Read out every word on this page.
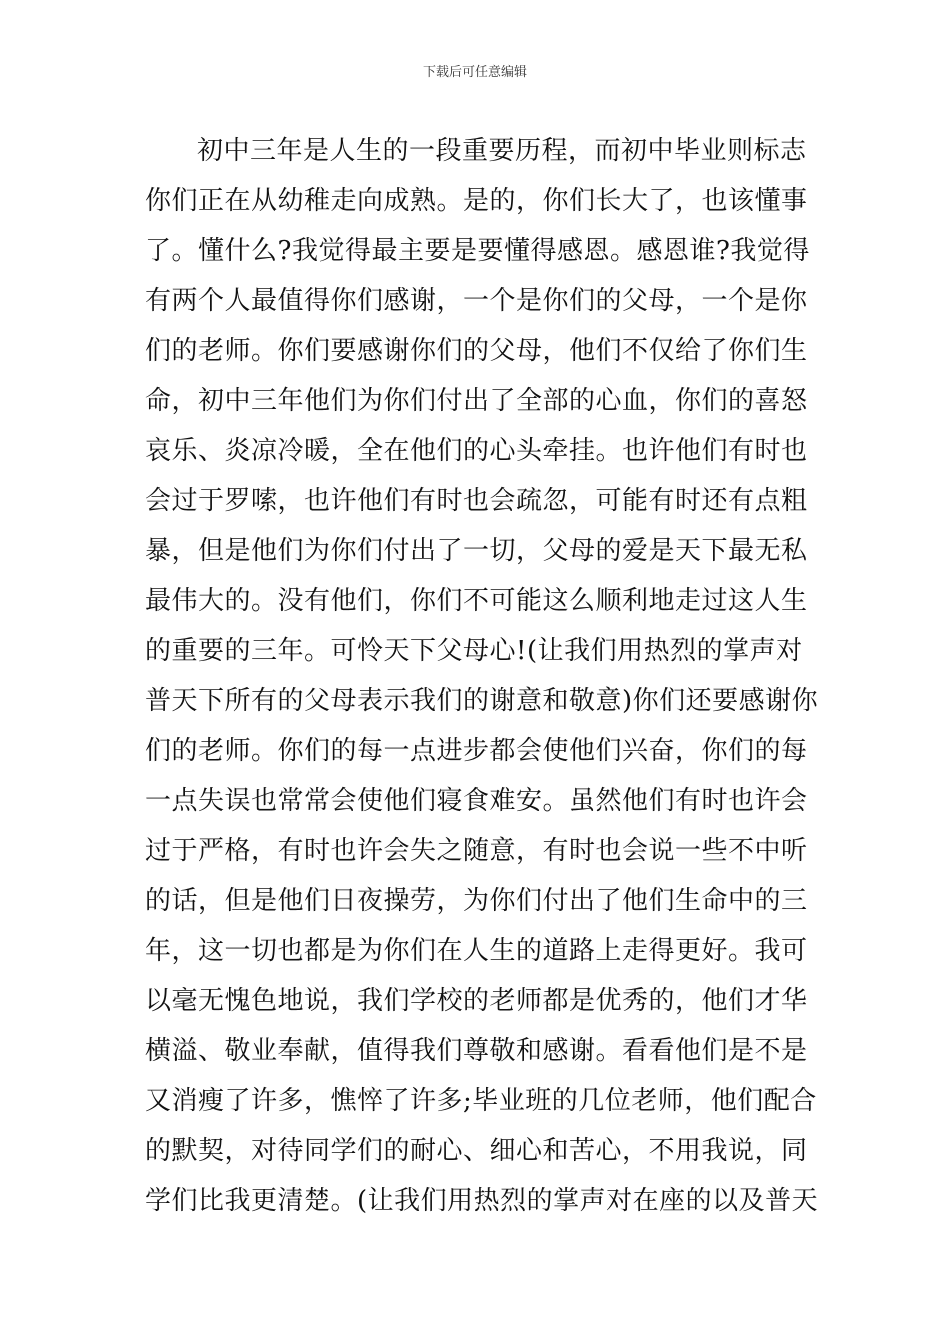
下载后可任意编辑
初中三年是人生的一段重要历程，而初中毕业则标志
你们正在从幼稚走向成熟。是的，你们长大了，也该懂事
了。懂什么?我觉得最主要是要懂得感恩。感恩谁?我觉得
有两个人最值得你们感谢，一个是你们的父母，一个是你
们的老师。你们要感谢你们的父母，他们不仅给了你们生
命，初中三年他们为你们付出了全部的心血，你们的喜怒
哀乐、炎凉冷暖，全在他们的心头牵挂。也许他们有时也
会过于罗嗦，也许他们有时也会疏忽，可能有时还有点粗
暴，但是他们为你们付出了一切，父母的爱是天下最无私
最伟大的。没有他们，你们不可能这么顺利地走过这人生
的重要的三年。可怜天下父母心!(让我们用热烈的掌声对
普天下所有的父母表示我们的谢意和敬意)你们还要感谢你
们的老师。你们的每一点进步都会使他们兴奋，你们的每
一点失误也常常会使他们寝食难安。虽然他们有时也许会
过于严格，有时也许会失之随意，有时也会说一些不中听
的话，但是他们日夜操劳，为你们付出了他们生命中的三
年，这一切也都是为你们在人生的道路上走得更好。我可
以毫无愧色地说，我们学校的老师都是优秀的，他们才华
横溢、敬业奉献，值得我们尊敬和感谢。看看他们是不是
又消瘦了许多，憔悴了许多;毕业班的几位老师，他们配合
的默契，对待同学们的耐心、细心和苦心，不用我说，同
学们比我更清楚。(让我们用热烈的掌声对在座的以及普天
